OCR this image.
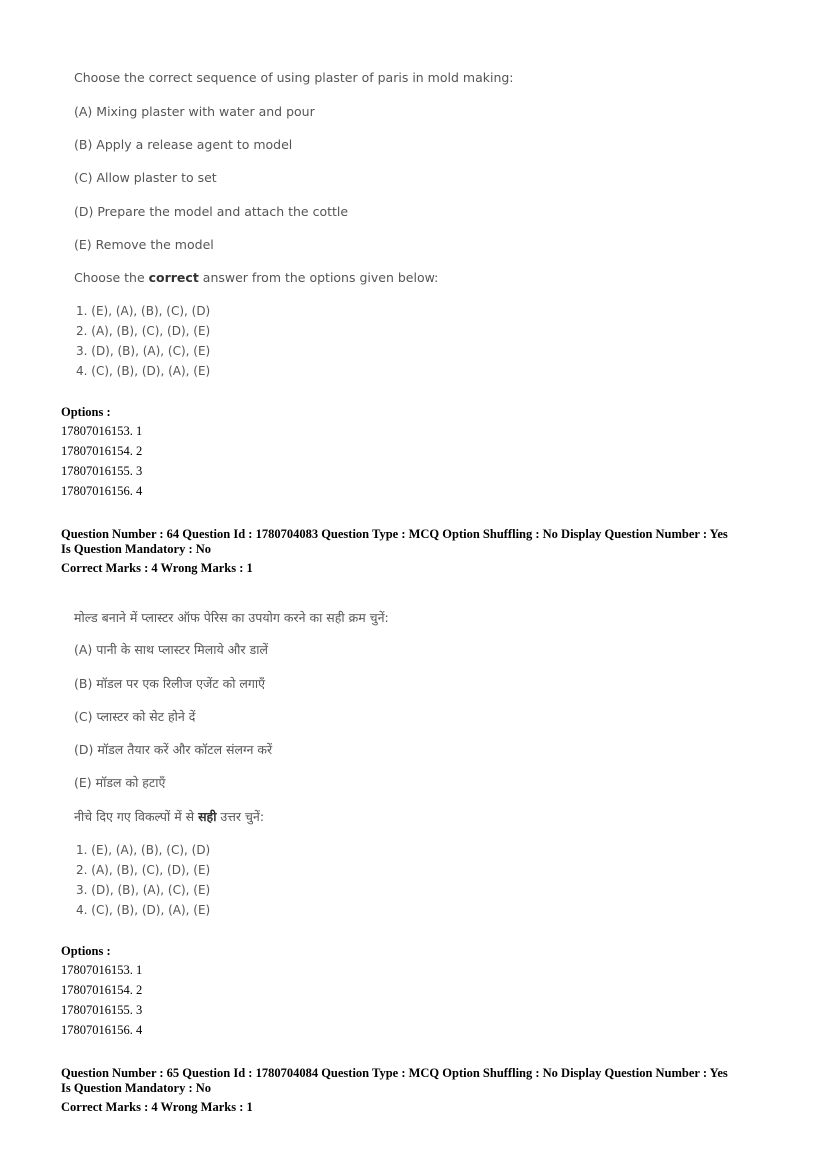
Choose the correct sequence of using plaster of paris in mold making:
(A) Mixing plaster with water and pour
(B) Apply a release agent to model
(C) Allow plaster to set
(D) Prepare the model and attach the cottle
(E) Remove the model
Choose the correct answer from the options given below:
1. (E), (A), (B), (C), (D)
2. (A), (B), (C), (D), (E)
3. (D), (B), (A), (C), (E)
4. (C), (B), (D), (A), (E)
Options :
17807016153. 1
17807016154. 2
17807016155. 3
17807016156. 4
Question Number : 64 Question Id : 1780704083 Question Type : MCQ Option Shuffling : No Display Question Number : Yes
Is Question Mandatory : No
Correct Marks : 4 Wrong Marks : 1
मोल्ड बनाने में प्लास्टर ऑफ पेरिस का उपयोग करने का सही क्रम चुनें:
(A) पानी के साथ प्लास्टर मिलाये और डालें
(B) मॉडल पर एक रिलीज एजेंट को लगाएँ
(C) प्लास्टर को सेट होने दें
(D) मॉडल तैयार करें और कॉटल संलग्न करें
(E) मॉडल को हटाएँ
नीचे दिए गए विकल्पों में से सही उत्तर चुनें:
1. (E), (A), (B), (C), (D)
2. (A), (B), (C), (D), (E)
3. (D), (B), (A), (C), (E)
4. (C), (B), (D), (A), (E)
Options :
17807016153. 1
17807016154. 2
17807016155. 3
17807016156. 4
Question Number : 65 Question Id : 1780704084 Question Type : MCQ Option Shuffling : No Display Question Number : Yes
Is Question Mandatory : No
Correct Marks : 4 Wrong Marks : 1
